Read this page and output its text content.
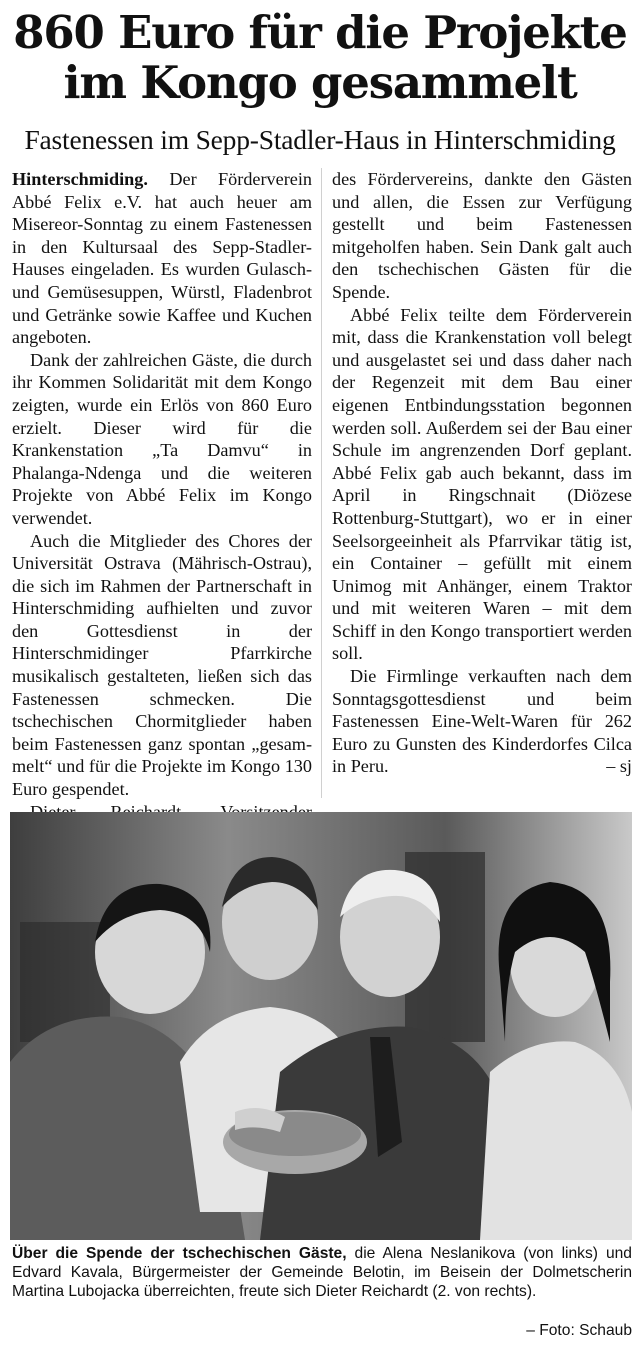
860 Euro für die Projekte
im Kongo gesammelt
Fastenessen im Sepp-Stadler-Haus in Hinterschmiding

Hinterschmiding. Der Förderverein Abbé Felix e.V. hat auch heuer am Misereor-Sonntag zu einem Fastenessen in den Kultursaal des Sepp-Stadler-Hauses eingeladen. Es wurden Gulasch- und Gemüsesuppen, Würstl, Fladenbrot und Getränke sowie Kaffee und Kuchen angeboten.

Dank der zahlreichen Gäste, die durch ihr Kommen Solidarität mit dem Kongo zeigten, wurde ein Erlös von 860 Euro erzielt. Dieser wird für die Krankenstation „Ta Damvu“ in Phalanga-Ndenga und die weiteren Projekte von Abbé Felix im Kongo verwendet.

Auch die Mitglieder des Chores der Universität Ostrava (Mährisch-Ostrau), die sich im Rahmen der Partnerschaft in Hinterschmiding aufhielten und zuvor den Gottesdienst in der Hinterschmidinger Pfarrkirche musikalisch gestalteten, ließen sich das Fastenessen schmecken. Die tschechischen Chormitglieder haben beim Fastenessen ganz spontan „gesammelt“ und für die Projekte im Kongo 130 Euro gespendet.

des Fördervereins, dankte den Gästen und allen, die Essen zur Verfügung gestellt und beim Fastenessen mitgeholfen haben. Sein Dank galt auch den tschechischen Gästen für die Spende.

Abbé Felix teilte dem Förderverein mit, dass die Krankenstation voll belegt und ausgelastet sei und dass daher nach der Regenzeit mit dem Bau einer eigenen Entbindungsstation begonnen werden soll. Außerdem sei der Bau einer Schule im angrenzenden Dorf geplant. Abbé Felix gab auch bekannt, dass im April in Ringschnait (Diözese Rottenburg-Stuttgart), wo er in einer Seelsorgeeinheit als Pfarrvikar tätig ist, ein Container – gefüllt mit einem Unimog mit Anhänger, einem Traktor und mit weiteren Waren – mit dem Schiff in den Kongo transportiert werden soll.

Die Firmlinge verkauften nach dem Sonntagsgottesdienst und beim Fastenessen Eine-Welt-Waren für 262 Euro zu Gunsten des Kinderdorfes Cilca in Peru.	– sj

Über die Spende der tschechischen Gäste, die Alena Neslanikova (von links) und Edvard Kavala, Bürgermeister der Gemeinde Belotin, im Beisein der Dolmetscherin Martina Lubojacka überreichten, freute sich Dieter Reichardt (2. von rechts).
– Foto: Schaub
